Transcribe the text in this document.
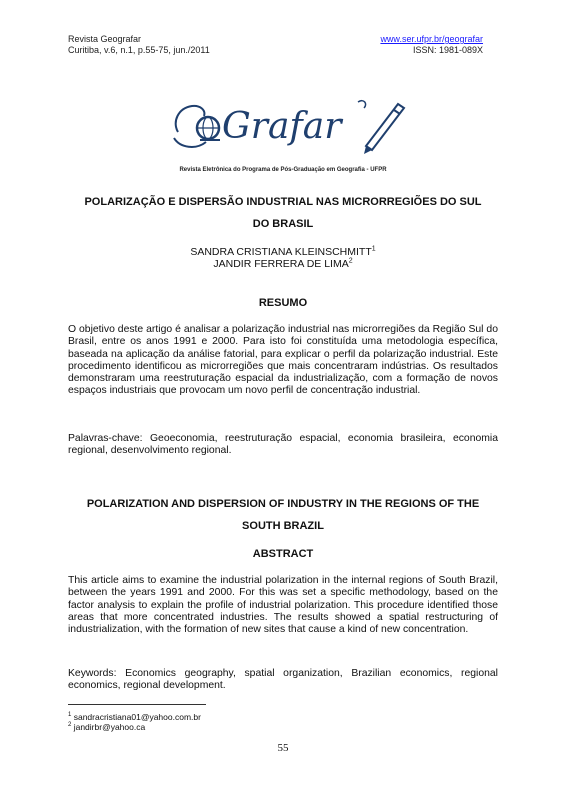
Revista Geografar
Curitiba, v.6, n.1, p.55-75, jun./2011
www.ser.ufpr.br/geografar
ISSN: 1981-089X
Grafar
Revista Eletrônica do Programa de Pós-Graduação em Geografia - UFPR
POLARIZAÇÃO E DISPERSÃO INDUSTRIAL NAS MICRORREGIÕES DO SUL
DO BRASIL
SANDRA CRISTIANA KLEINSCHMITT$^1$
JANDIR FERRERA DE LIMA$^2$
RESUMO
O objetivo deste artigo é analisar a polarização industrial nas microrregiões da Região Sul do Brasil, entre os anos 1991 e 2000. Para isto foi constituída uma metodologia específica, baseada na aplicação da análise fatorial, para explicar o perfil da polarização industrial. Este procedimento identificou as microrregiões que mais concentraram indústrias. Os resultados demonstraram uma reestruturação espacial da industrialização, com a formação de novos espaços industriais que provocam um novo perfil de concentração industrial.
Palavras-chave: Geoeconomia, reestruturação espacial, economia brasileira, economia regional, desenvolvimento regional.
POLARIZATION AND DISPERSION OF INDUSTRY IN THE REGIONS OF THE
SOUTH BRAZIL
ABSTRACT
This article aims to examine the industrial polarization in the internal regions of South Brazil, between the years 1991 and 2000. For this was set a specific methodology, based on the factor analysis to explain the profile of industrial polarization. This procedure identified those areas that more concentrated industries. The results showed a spatial restructuring of industrialization, with the formation of new sites that cause a kind of new concentration.
Keywords: Economics geography, spatial organization, Brazilian economics, regional economics, regional development.
$^1$ sandracristiana01@yahoo.com.br
$^2$ jandirbr@yahoo.ca
55
